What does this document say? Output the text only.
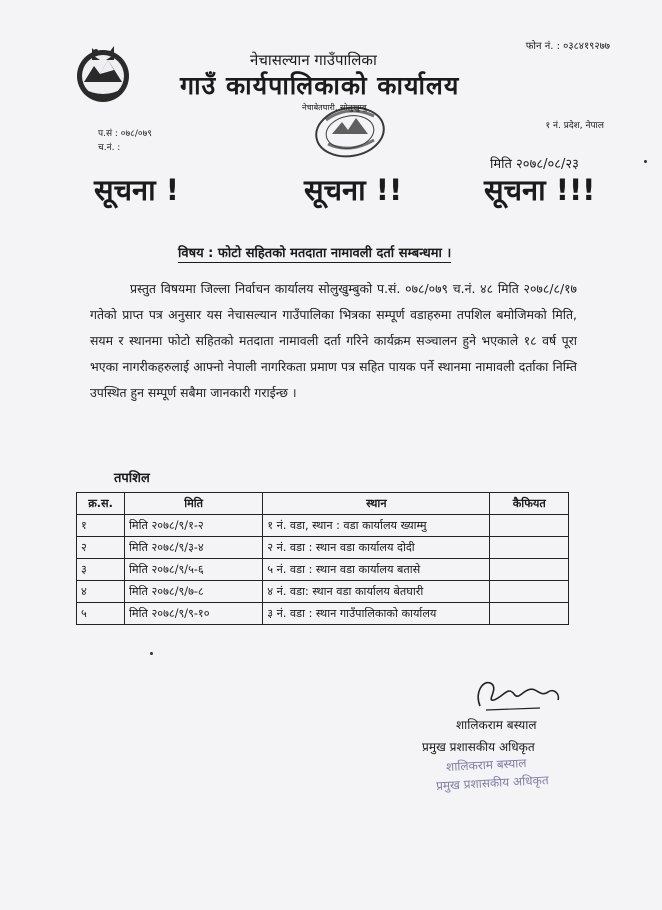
फोन नं. : ०३८४१९२७७
नेचासल्यान गाउँपालिका
गाउँ कार्यपालिकाको कार्यालय
नेचाबेतघारी, सोलुखुम्बु
१ नं. प्रदेश, नेपाल
प.सं : ०७८/०७९
च.नं. :
मिति २०७८/०८/२३
सूचना !	सूचना !!	सूचना !!!
विषय : फोटो सहितको मतदाता नामावली दर्ता सम्बन्धमा ।
प्रस्तुत विषयमा जिल्ला निर्वाचन कार्यालय सोलुखुम्बुको प.सं. ०७८/०७९ च.नं. ४८ मिति २०७८/८/१७ गतेको प्राप्त पत्र अनुसार यस नेचासल्यान गाउँपालिका भित्रका सम्पूर्ण वडाहरुमा तपशिल बमोजिमको मिति, सयम र स्थानमा फोटो सहितको मतदाता नामावली दर्ता गरिने कार्यक्रम सञ्चालन हुने भएकाले १८ वर्ष पूरा भएका नागरीकहरुलाई आफ्नो नेपाली नागरिकता प्रमाण पत्र सहित पायक पर्ने स्थानमा नामावली दर्ताका निम्ति उपस्थित हुन सम्पूर्ण सबैमा जानकारी गराईन्छ ।
तपशिल
क्र.स.	मिति	स्थान	कैफियत
१	मिति २०७८/९/१-२	१ नं. वडा, स्थान : वडा कार्यालय ख्याम्मु	
२	मिति २०७८/९/३-४	२ नं. वडा : स्थान वडा कार्यालय दोदी	
३	मिति २०७८/९/५-६	५ नं. वडा : स्थान वडा कार्यालय बतासे	
४	मिति २०७८/९/७-८	४ नं. वडा: स्थान वडा कार्यालय बेतघारी	
५	मिति २०७८/९/९-१०	३ नं. वडा : स्थान गाउँपालिकाको कार्यालय	
शालिकराम बस्याल
प्रमुख प्रशासकीय अधिकृत
शालिकराम बस्याल
प्रमुख प्रशासकीय अधिकृत
